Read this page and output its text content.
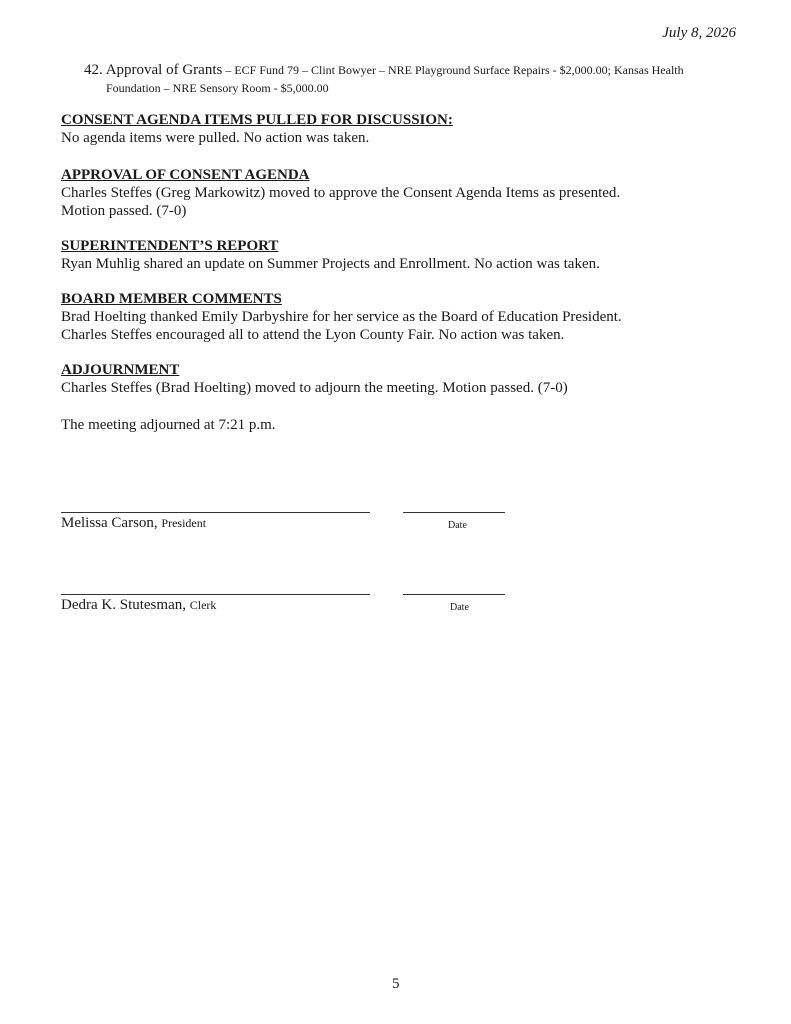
July 8, 2026
42. Approval of Grants – ECF Fund 79 – Clint Bowyer – NRE Playground Surface Repairs - $2,000.00; Kansas Health
Foundation – NRE Sensory Room - $5,000.00
CONSENT AGENDA ITEMS PULLED FOR DISCUSSION:
No agenda items were pulled. No action was taken.
APPROVAL OF CONSENT AGENDA
Charles Steffes (Greg Markowitz) moved to approve the Consent Agenda Items as presented.
Motion passed. (7-0)
SUPERINTENDENT’S REPORT
Ryan Muhlig shared an update on Summer Projects and Enrollment. No action was taken.
BOARD MEMBER COMMENTS
Brad Hoelting thanked Emily Darbyshire for her service as the Board of Education President.
Charles Steffes encouraged all to attend the Lyon County Fair. No action was taken.
ADJOURNMENT
Charles Steffes (Brad Hoelting) moved to adjourn the meeting. Motion passed. (7-0)
The meeting adjourned at 7:21 p.m.
Melissa Carson, President	Date
Dedra K. Stutesman, Clerk	Date
5
